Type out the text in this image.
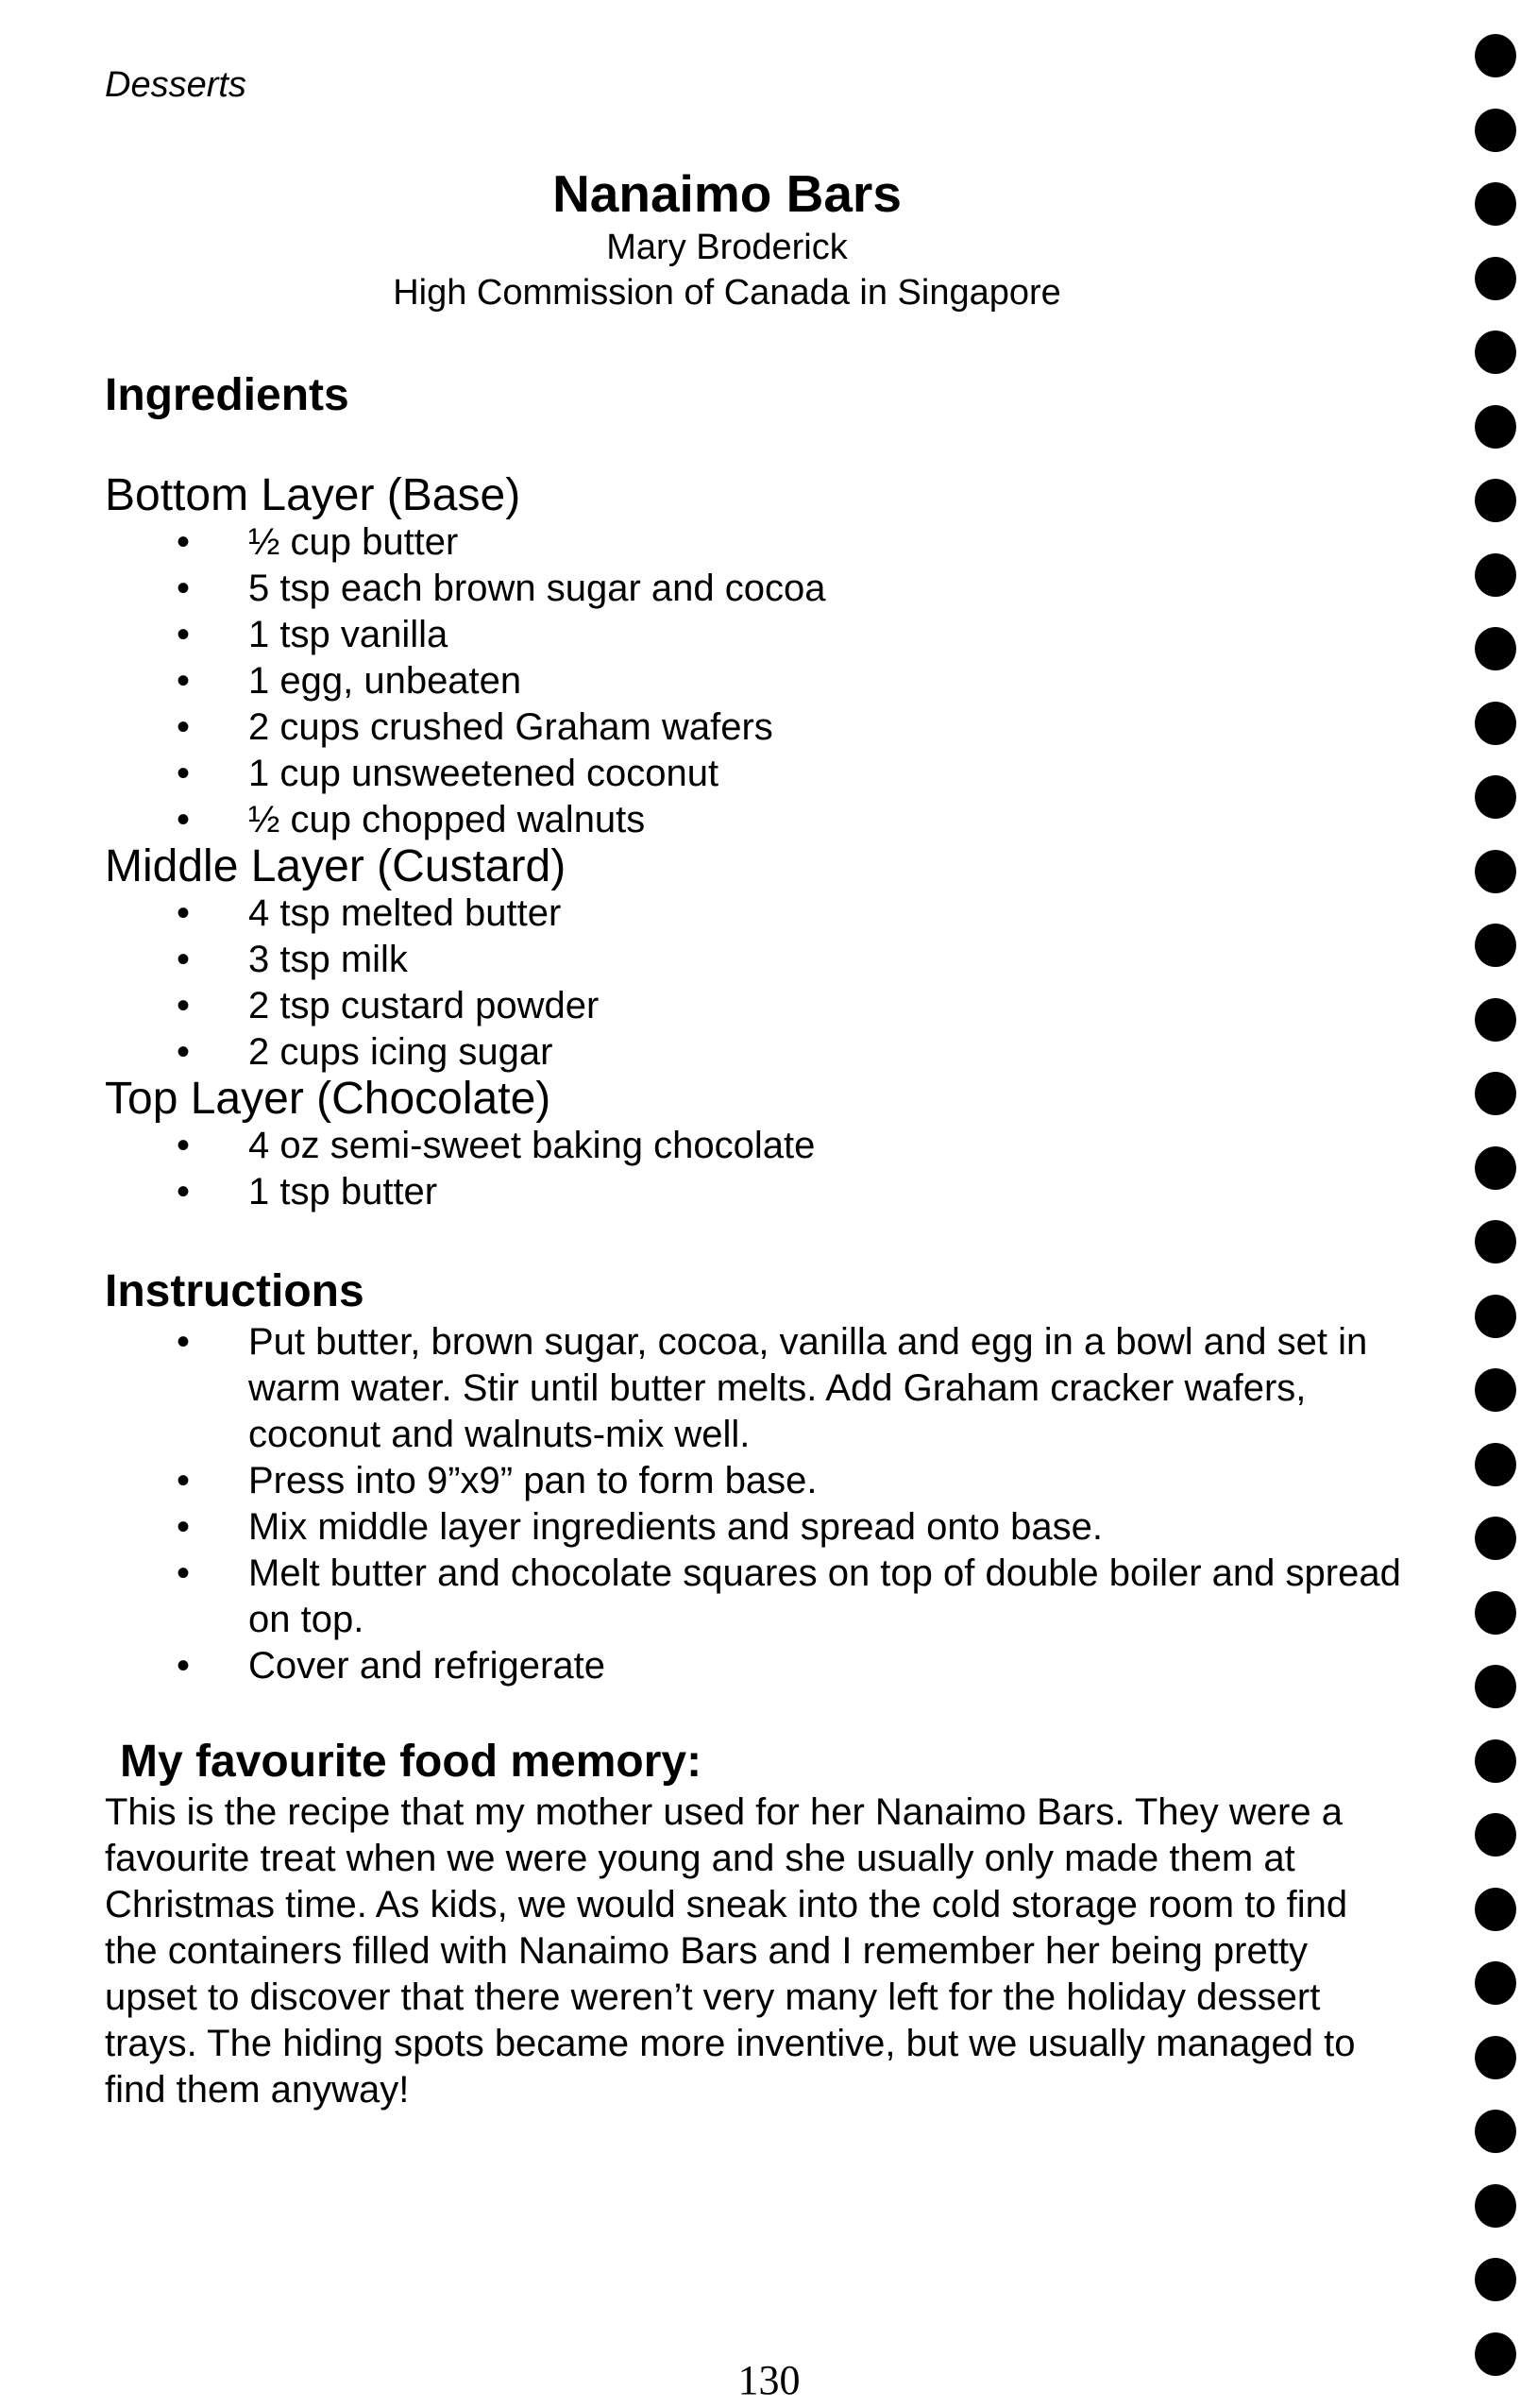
Desserts
Nanaimo Bars
Mary Broderick
High Commission of Canada in Singapore
Ingredients
Bottom Layer (Base)
• ½ cup butter
• 5 tsp each brown sugar and cocoa
• 1 tsp vanilla
• 1 egg, unbeaten
• 2 cups crushed Graham wafers
• 1 cup unsweetened coconut
• ½ cup chopped walnuts
Middle Layer (Custard)
• 4 tsp melted butter
• 3 tsp milk
• 2 tsp custard powder
• 2 cups icing sugar
Top Layer (Chocolate)
• 4 oz semi-sweet baking chocolate
• 1 tsp butter
Instructions
• Put butter, brown sugar, cocoa, vanilla and egg in a bowl and set in warm water. Stir until butter melts. Add Graham cracker wafers, coconut and walnuts-mix well.
• Press into 9”x9” pan to form base.
• Mix middle layer ingredients and spread onto base.
• Melt butter and chocolate squares on top of double boiler and spread on top.
• Cover and refrigerate
My favourite food memory:

This is the recipe that my mother used for her Nanaimo Bars. They were a favourite treat when we were young and she usually only made them at Christmas time. As kids, we would sneak into the cold storage room to find the containers filled with Nanaimo Bars and I remember her being pretty upset to discover that there weren’t very many left for the holiday dessert trays. The hiding spots became more inventive, but we usually managed to find them anyway!

130
